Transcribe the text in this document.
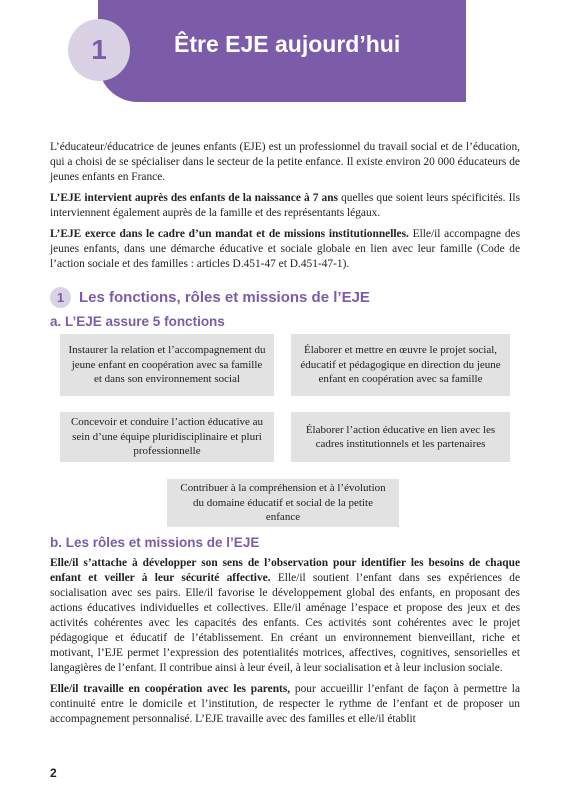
1	Être EJE aujourd’hui

L’éducateur/éducatrice de jeunes enfants (EJE) est un professionnel du travail social et de l’éducation, qui a choisi de se spécialiser dans le secteur de la petite enfance. Il existe environ 20 000 éducateurs de jeunes enfants en France.

L’EJE intervient auprès des enfants de la naissance à 7 ans quelles que soient leurs spécificités. Ils interviennent également auprès de la famille et des représentants légaux.

L’EJE exerce dans le cadre d’un mandat et de missions institutionnelles. Elle/il accompagne des jeunes enfants, dans une démarche éducative et sociale globale en lien avec leur famille (Code de l’action sociale et des familles : articles D.451-47 et D.451-47-1).

1 Les fonctions, rôles et missions de l’EJE
a. L’EJE assure 5 fonctions
Instaurer la relation et l’accompagnement du jeune enfant en coopération avec sa famille et dans son environnement social
Élaborer et mettre en œuvre le projet social, éducatif et pédagogique en direction du jeune enfant en coopération avec sa famille
Concevoir et conduire l’action éducative au sein d’une équipe pluridisciplinaire et pluri professionnelle
Élaborer l’action éducative en lien avec les cadres institutionnels et les partenaires
Contribuer à la compréhension et à l’évolution du domaine éducatif et social de la petite enfance
b. Les rôles et missions de l’EJE

Elle/il s’attache à développer son sens de l’observation pour identifier les besoins de chaque enfant et veiller à leur sécurité affective. Elle/il soutient l’enfant dans ses expériences de socialisation avec ses pairs. Elle/il favorise le développement global des enfants, en proposant des actions éducatives individuelles et collectives. Elle/il aménage l’espace et propose des jeux et des activités cohérentes avec les capacités des enfants. Ces activités sont cohérentes avec le projet pédagogique et éducatif de l’établissement. En créant un environnement bienveillant, riche et motivant, l’EJE permet l’expression des potentialités motrices, affectives, cognitives, sensorielles et langagières de l’enfant. Il contribue ainsi à leur éveil, à leur socialisation et à leur inclusion sociale.

Elle/il travaille en coopération avec les parents, pour accueillir l’enfant de façon à permettre la continuité entre le domicile et l’institution, de respecter le rythme de l’enfant et de proposer un accompagnement personnalisé. L’EJE travaille avec des familles et elle/il établit

2
